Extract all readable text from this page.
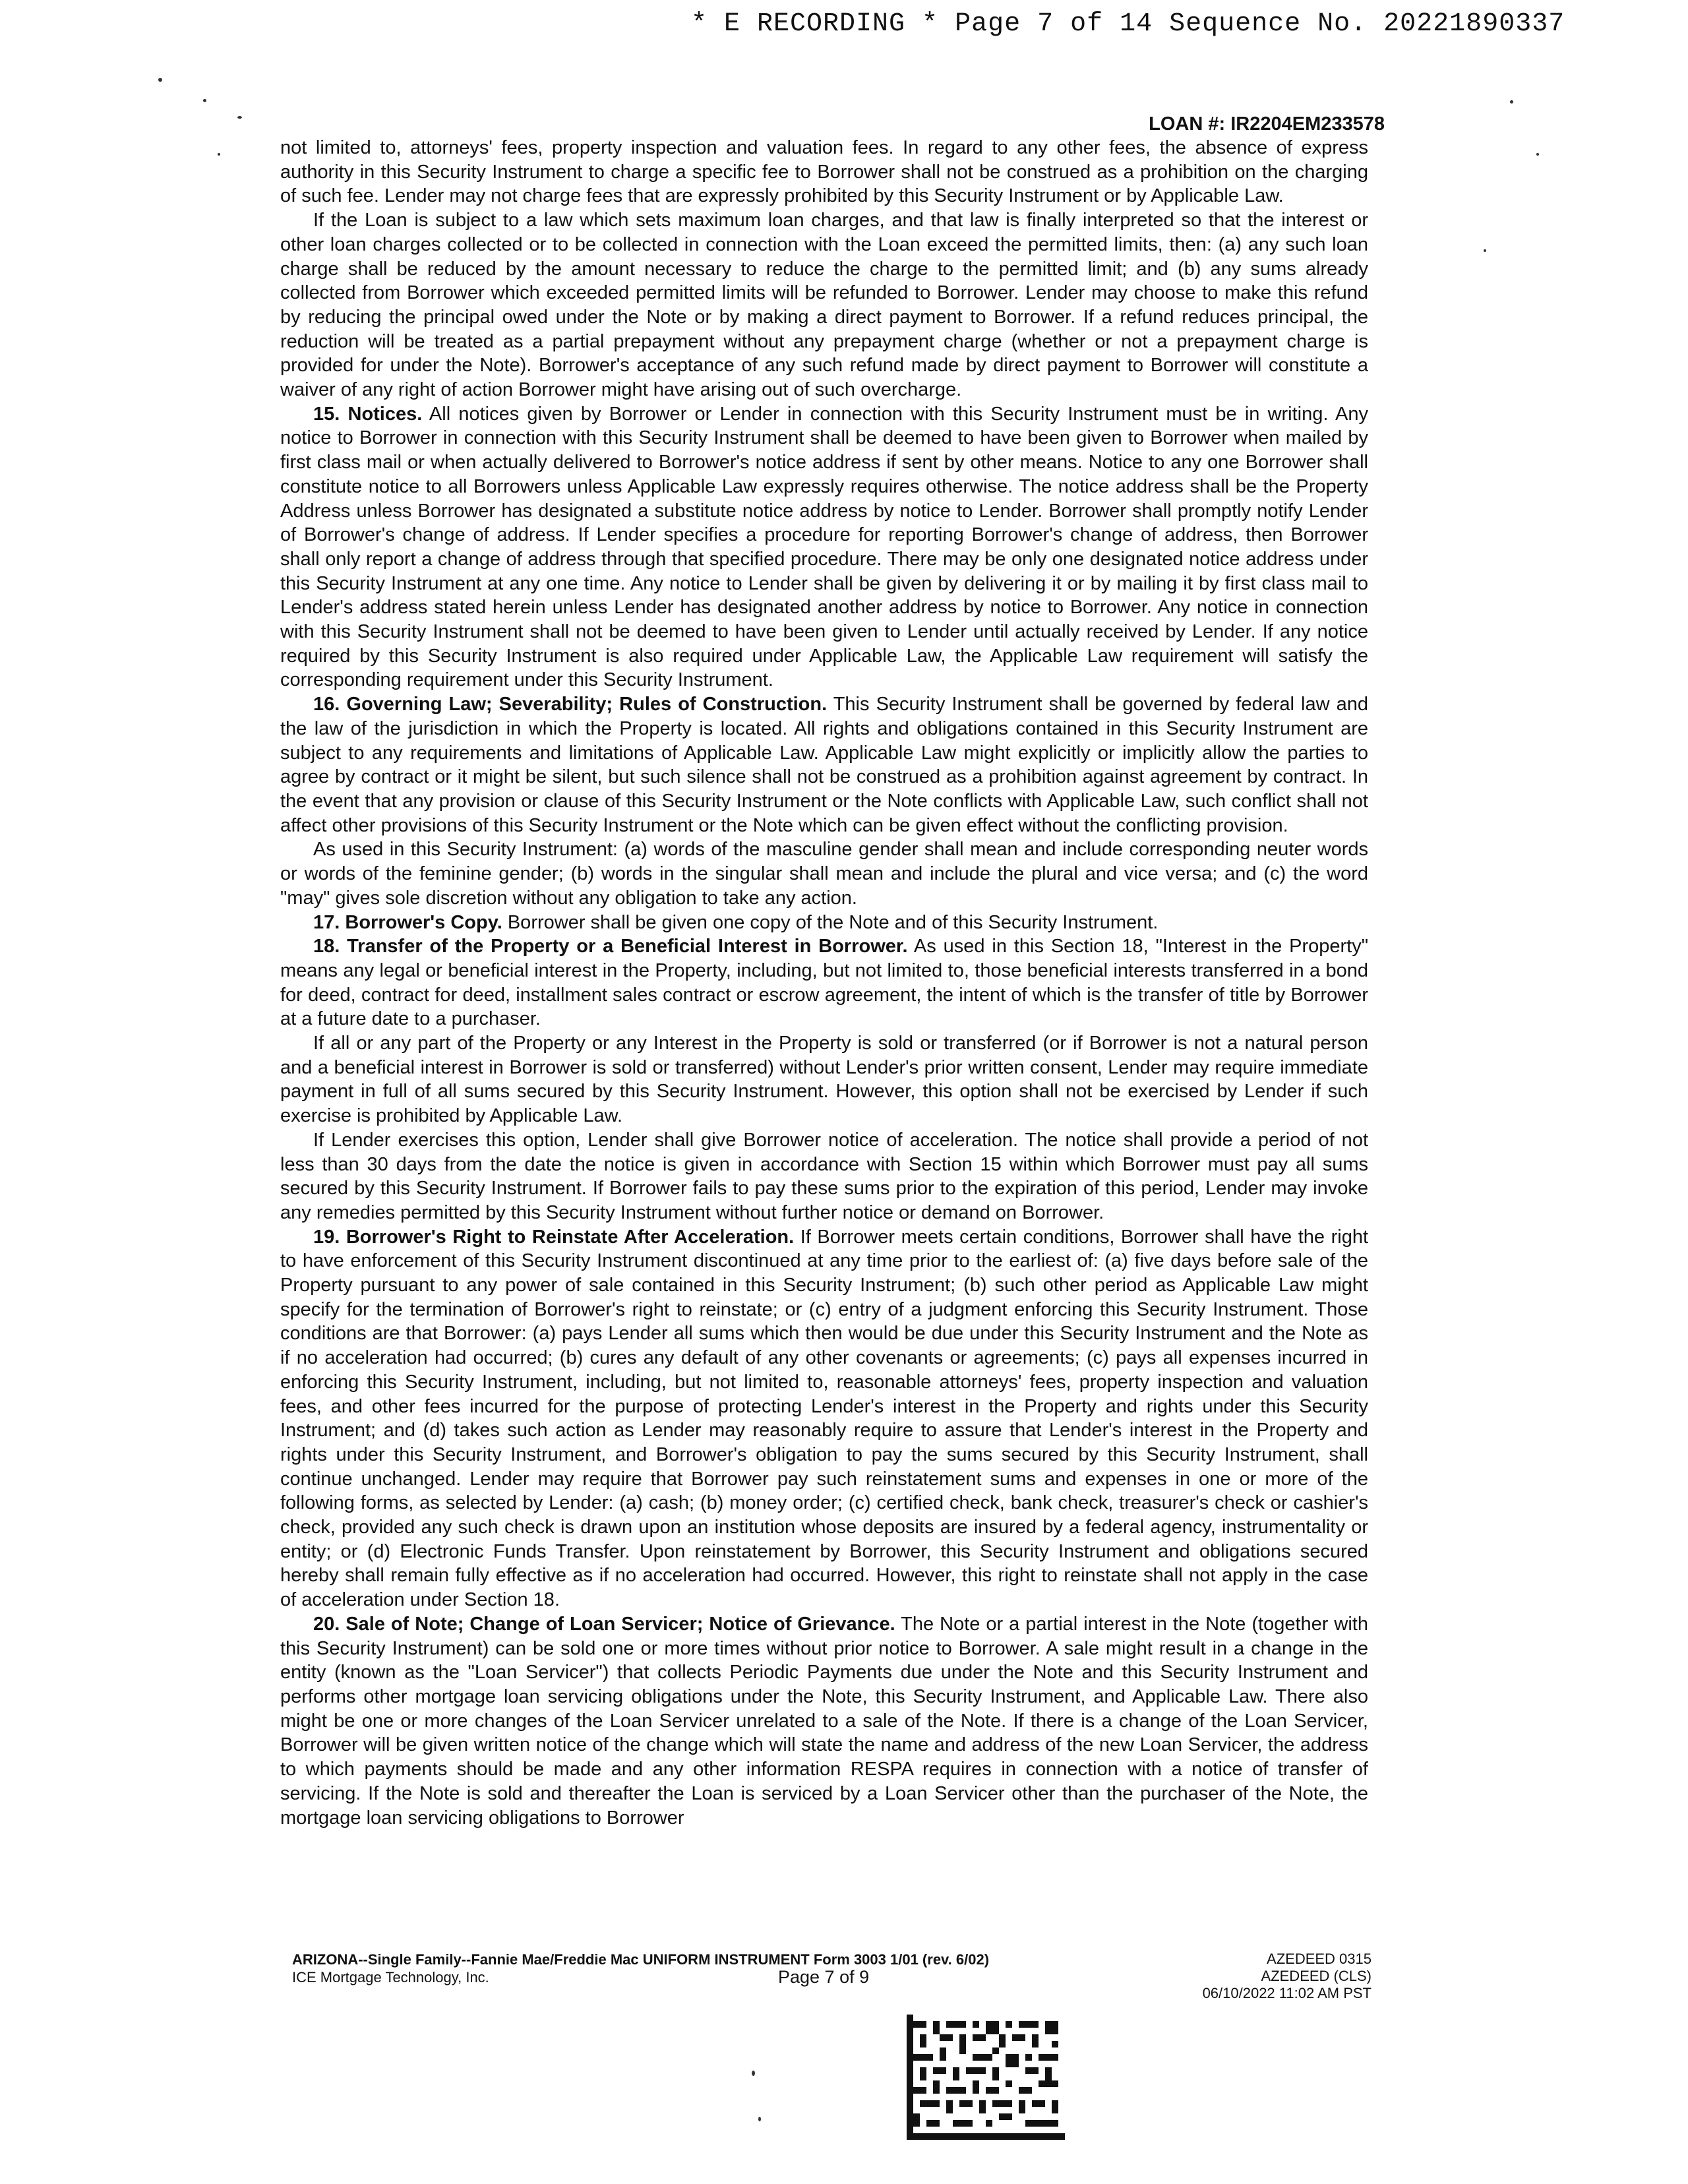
* E RECORDING * Page 7 of 14 Sequence No. 20221890337
LOAN #: IR2204EM233578

not limited to, attorneys' fees, property inspection and valuation fees. In regard to any other fees, the absence of express authority in this Security Instrument to charge a specific fee to Borrower shall not be construed as a prohibition on the charging of such fee. Lender may not charge fees that are expressly prohibited by this Security Instrument or by Applicable Law.

If the Loan is subject to a law which sets maximum loan charges, and that law is finally interpreted so that the interest or other loan charges collected or to be collected in connection with the Loan exceed the permitted limits, then: (a) any such loan charge shall be reduced by the amount necessary to reduce the charge to the permitted limit; and (b) any sums already collected from Borrower which exceeded permitted limits will be refunded to Borrower. Lender may choose to make this refund by reducing the principal owed under the Note or by making a direct payment to Borrower. If a refund reduces principal, the reduction will be treated as a partial prepayment without any prepayment charge (whether or not a prepayment charge is provided for under the Note). Borrower's acceptance of any such refund made by direct payment to Borrower will constitute a waiver of any right of action Borrower might have arising out of such overcharge.

15. Notices. All notices given by Borrower or Lender in connection with this Security Instrument must be in writing. Any notice to Borrower in connection with this Security Instrument shall be deemed to have been given to Borrower when mailed by first class mail or when actually delivered to Borrower's notice address if sent by other means. Notice to any one Borrower shall constitute notice to all Borrowers unless Applicable Law expressly requires otherwise. The notice address shall be the Property Address unless Borrower has designated a substitute notice address by notice to Lender. Borrower shall promptly notify Lender of Borrower's change of address. If Lender specifies a procedure for reporting Borrower's change of address, then Borrower shall only report a change of address through that specified procedure. There may be only one designated notice address under this Security Instrument at any one time. Any notice to Lender shall be given by delivering it or by mailing it by first class mail to Lender's address stated herein unless Lender has designated another address by notice to Borrower. Any notice in connection with this Security Instrument shall not be deemed to have been given to Lender until actually received by Lender. If any notice required by this Security Instrument is also required under Applicable Law, the Applicable Law requirement will satisfy the corresponding requirement under this Security Instrument.

16. Governing Law; Severability; Rules of Construction. This Security Instrument shall be governed by federal law and the law of the jurisdiction in which the Property is located. All rights and obligations contained in this Security Instrument are subject to any requirements and limitations of Applicable Law. Applicable Law might explicitly or implicitly allow the parties to agree by contract or it might be silent, but such silence shall not be construed as a prohibition against agreement by contract. In the event that any provision or clause of this Security Instrument or the Note conflicts with Applicable Law, such conflict shall not affect other provisions of this Security Instrument or the Note which can be given effect without the conflicting provision.

As used in this Security Instrument: (a) words of the masculine gender shall mean and include corresponding neuter words or words of the feminine gender; (b) words in the singular shall mean and include the plural and vice versa; and (c) the word "may" gives sole discretion without any obligation to take any action.

17. Borrower's Copy. Borrower shall be given one copy of the Note and of this Security Instrument.

18. Transfer of the Property or a Beneficial Interest in Borrower. As used in this Section 18, "Interest in the Property" means any legal or beneficial interest in the Property, including, but not limited to, those beneficial interests transferred in a bond for deed, contract for deed, installment sales contract or escrow agreement, the intent of which is the transfer of title by Borrower at a future date to a purchaser.

If all or any part of the Property or any Interest in the Property is sold or transferred (or if Borrower is not a natural person and a beneficial interest in Borrower is sold or transferred) without Lender's prior written consent, Lender may require immediate payment in full of all sums secured by this Security Instrument. However, this option shall not be exercised by Lender if such exercise is prohibited by Applicable Law.

If Lender exercises this option, Lender shall give Borrower notice of acceleration. The notice shall provide a period of not less than 30 days from the date the notice is given in accordance with Section 15 within which Borrower must pay all sums secured by this Security Instrument. If Borrower fails to pay these sums prior to the expiration of this period, Lender may invoke any remedies permitted by this Security Instrument without further notice or demand on Borrower.

19. Borrower's Right to Reinstate After Acceleration. If Borrower meets certain conditions, Borrower shall have the right to have enforcement of this Security Instrument discontinued at any time prior to the earliest of: (a) five days before sale of the Property pursuant to any power of sale contained in this Security Instrument; (b) such other period as Applicable Law might specify for the termination of Borrower's right to reinstate; or (c) entry of a judgment enforcing this Security Instrument. Those conditions are that Borrower: (a) pays Lender all sums which then would be due under this Security Instrument and the Note as if no acceleration had occurred; (b) cures any default of any other covenants or agreements; (c) pays all expenses incurred in enforcing this Security Instrument, including, but not limited to, reasonable attorneys' fees, property inspection and valuation fees, and other fees incurred for the purpose of protecting Lender's interest in the Property and rights under this Security Instrument; and (d) takes such action as Lender may reasonably require to assure that Lender's interest in the Property and rights under this Security Instrument, and Borrower's obligation to pay the sums secured by this Security Instrument, shall continue unchanged. Lender may require that Borrower pay such reinstatement sums and expenses in one or more of the following forms, as selected by Lender: (a) cash; (b) money order; (c) certified check, bank check, treasurer's check or cashier's check, provided any such check is drawn upon an institution whose deposits are insured by a federal agency, instrumentality or entity; or (d) Electronic Funds Transfer. Upon reinstatement by Borrower, this Security Instrument and obligations secured hereby shall remain fully effective as if no acceleration had occurred. However, this right to reinstate shall not apply in the case of acceleration under Section 18.

20. Sale of Note; Change of Loan Servicer; Notice of Grievance. The Note or a partial interest in the Note (together with this Security Instrument) can be sold one or more times without prior notice to Borrower. A sale might result in a change in the entity (known as the "Loan Servicer") that collects Periodic Payments due under the Note and this Security Instrument and performs other mortgage loan servicing obligations under the Note, this Security Instrument, and Applicable Law. There also might be one or more changes of the Loan Servicer unrelated to a sale of the Note. If there is a change of the Loan Servicer, Borrower will be given written notice of the change which will state the name and address of the new Loan Servicer, the address to which payments should be made and any other information RESPA requires in connection with a notice of transfer of servicing. If the Note is sold and thereafter the Loan is serviced by a Loan Servicer other than the purchaser of the Note, the mortgage loan servicing obligations to Borrower

ARIZONA--Single Family--Fannie Mae/Freddie Mac UNIFORM INSTRUMENT Form 3003 1/01 (rev. 6/02)
ICE Mortgage Technology, Inc.	Page 7 of 9
AZEDEED 0315
AZEDEED (CLS)
06/10/2022 11:02 AM PST
